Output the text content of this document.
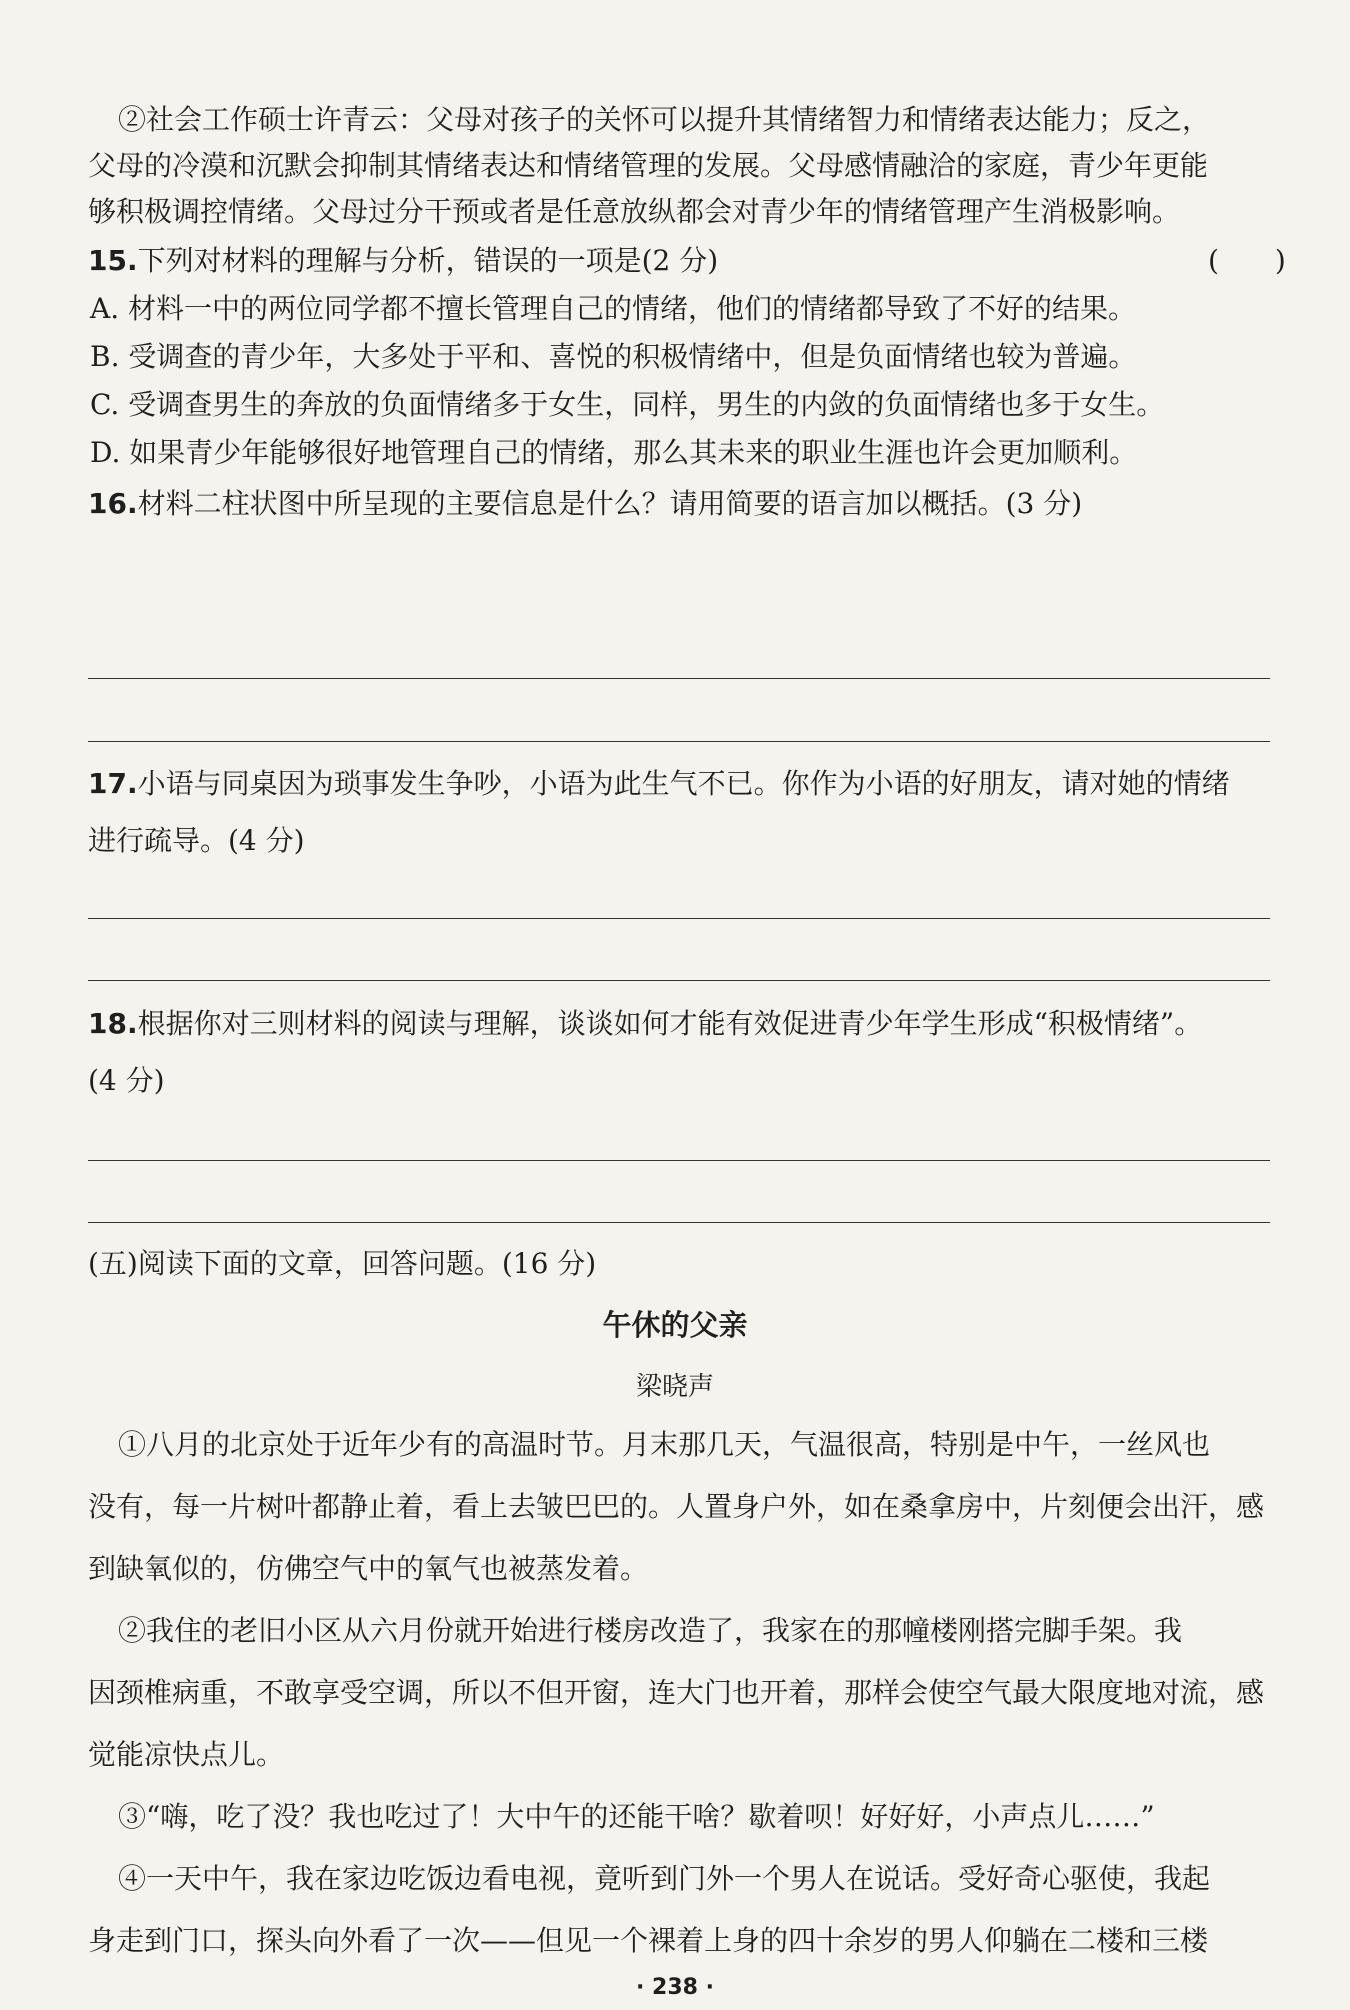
②社会工作硕士许青云：父母对孩子的关怀可以提升其情绪智力和情绪表达能力；反之，
父母的冷漠和沉默会抑制其情绪表达和情绪管理的发展。父母感情融洽的家庭，青少年更能
够积极调控情绪。父母过分干预或者是任意放纵都会对青少年的情绪管理产生消极影响。
15.下列对材料的理解与分析，错误的一项是(2 分)	(　　)
A. 材料一中的两位同学都不擅长管理自己的情绪，他们的情绪都导致了不好的结果。
B. 受调查的青少年，大多处于平和、喜悦的积极情绪中，但是负面情绪也较为普遍。
C. 受调查男生的奔放的负面情绪多于女生，同样，男生的内敛的负面情绪也多于女生。
D. 如果青少年能够很好地管理自己的情绪，那么其未来的职业生涯也许会更加顺利。
16.材料二柱状图中所呈现的主要信息是什么？请用简要的语言加以概括。(3 分)
17.小语与同桌因为琐事发生争吵，小语为此生气不已。你作为小语的好朋友，请对她的情绪
进行疏导。(4 分)
18.根据你对三则材料的阅读与理解，谈谈如何才能有效促进青少年学生形成“积极情绪”。
(4 分)
(五)阅读下面的文章，回答问题。(16 分)
午休的父亲
梁晓声
①八月的北京处于近年少有的高温时节。月末那几天，气温很高，特别是中午，一丝风也
没有，每一片树叶都静止着，看上去皱巴巴的。人置身户外，如在桑拿房中，片刻便会出汗，感
到缺氧似的，仿佛空气中的氧气也被蒸发着。
②我住的老旧小区从六月份就开始进行楼房改造了，我家在的那幢楼刚搭完脚手架。我
因颈椎病重，不敢享受空调，所以不但开窗，连大门也开着，那样会使空气最大限度地对流，感
觉能凉快点儿。
③“嗨，吃了没？我也吃过了！大中午的还能干啥？歇着呗！好好好，小声点儿……”
④一天中午，我在家边吃饭边看电视，竟听到门外一个男人在说话。受好奇心驱使，我起
身走到门口，探头向外看了一次——但见一个裸着上身的四十余岁的男人仰躺在二楼和三楼
· 238 ·
